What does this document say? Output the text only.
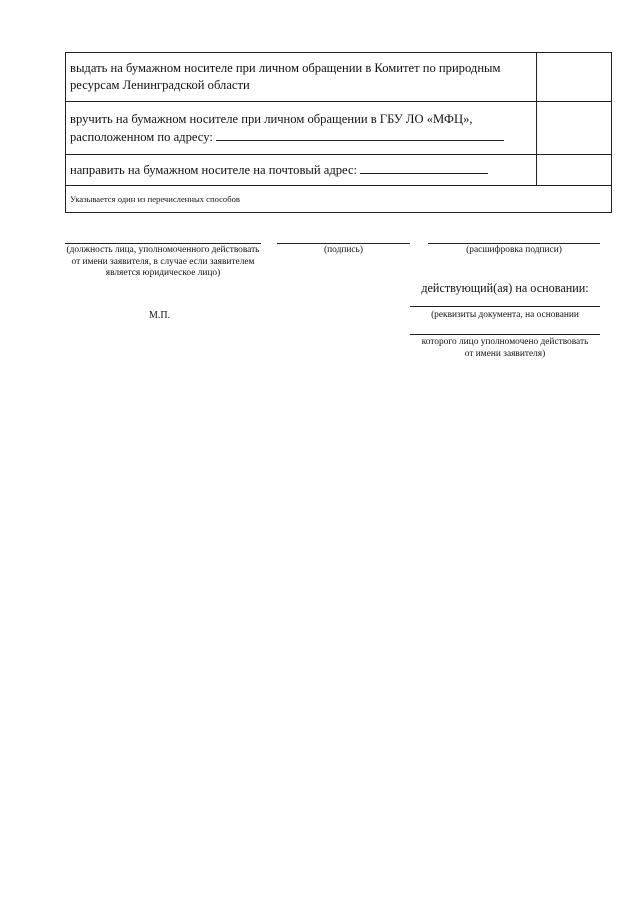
выдать на бумажном носителе при личном обращении в Комитет по природным ресурсам Ленинградской области	
вручить на бумажном носителе при личном обращении в ГБУ ЛО «МФЦ», расположенном по адресу:	
направить на бумажном носителе на почтовый адрес:	
Указывается один из перечисленных способов	
(должность лица, уполномоченного действовать от имени заявителя, в случае если заявителем является юридическое лицо)
(подпись)	(расшифровка подписи)
действующий(ая) на основании:
(реквизиты документа, на основании
которого лицо уполномочено действовать от имени заявителя)
М.П.
